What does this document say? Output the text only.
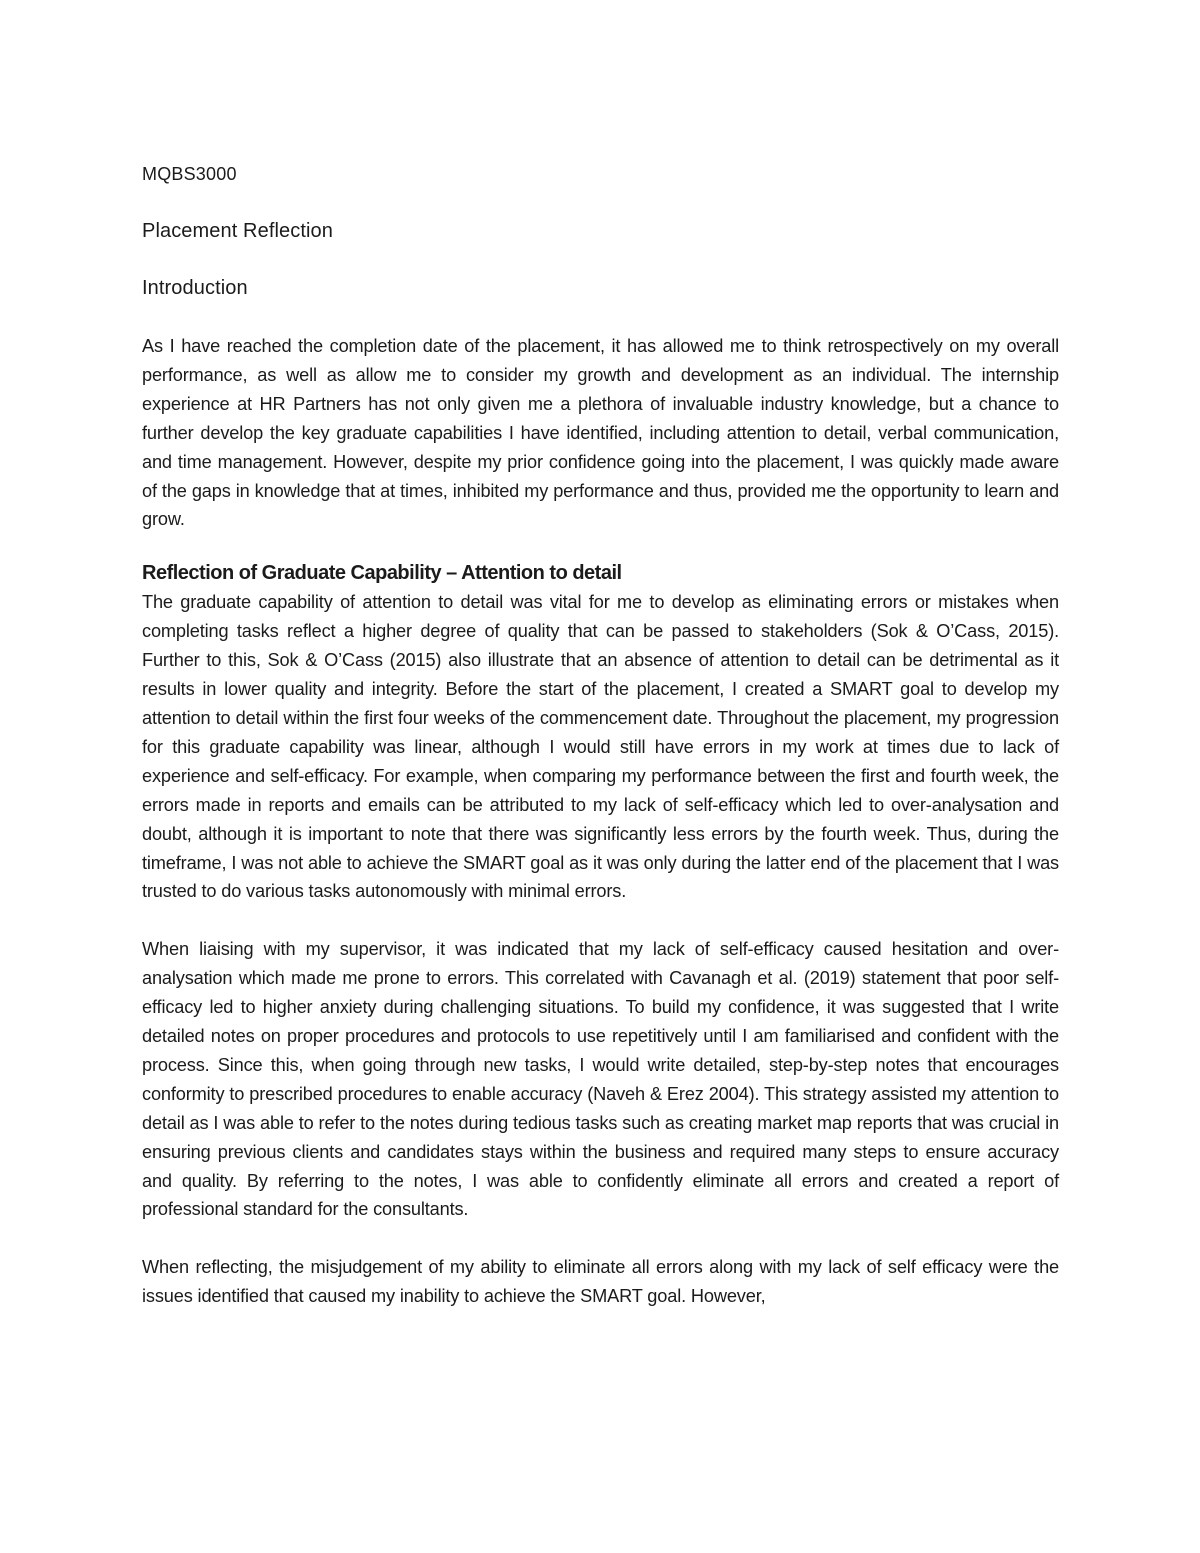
MQBS3000

Placement Reflection

Introduction

As I have reached the completion date of the placement, it has allowed me to think retrospectively on my overall performance, as well as allow me to consider my growth and development as an individual. The internship experience at HR Partners has not only given me a plethora of invaluable industry knowledge, but a chance to further develop the key graduate capabilities I have identified, including attention to detail, verbal communication, and time management. However, despite my prior confidence going into the placement, I was quickly made aware of the gaps in knowledge that at times, inhibited my performance and thus, provided me the opportunity to learn and grow.

Reflection of Graduate Capability – Attention to detail

The graduate capability of attention to detail was vital for me to develop as eliminating errors or mistakes when completing tasks reflect a higher degree of quality that can be passed to stakeholders (Sok & O’Cass, 2015). Further to this, Sok & O’Cass (2015) also illustrate that an absence of attention to detail can be detrimental as it results in lower quality and integrity. Before the start of the placement, I created a SMART goal to develop my attention to detail within the first four weeks of the commencement date. Throughout the placement, my progression for this graduate capability was linear, although I would still have errors in my work at times due to lack of experience and self-efficacy. For example, when comparing my performance between the first and fourth week, the errors made in reports and emails can be attributed to my lack of self-efficacy which led to over-analysation and doubt, although it is important to note that there was significantly less errors by the fourth week. Thus, during the timeframe, I was not able to achieve the SMART goal as it was only during the latter end of the placement that I was trusted to do various tasks autonomously with minimal errors.

When liaising with my supervisor, it was indicated that my lack of self-efficacy caused hesitation and over-analysation which made me prone to errors. This correlated with Cavanagh et al. (2019) statement that poor self-efficacy led to higher anxiety during challenging situations. To build my confidence, it was suggested that I write detailed notes on proper procedures and protocols to use repetitively until I am familiarised and confident with the process. Since this, when going through new tasks, I would write detailed, step-by-step notes that encourages conformity to prescribed procedures to enable accuracy (Naveh & Erez 2004). This strategy assisted my attention to detail as I was able to refer to the notes during tedious tasks such as creating market map reports that was crucial in ensuring previous clients and candidates stays within the business and required many steps to ensure accuracy and quality. By referring to the notes, I was able to confidently eliminate all errors and created a report of professional standard for the consultants.

When reflecting, the misjudgement of my ability to eliminate all errors along with my lack of self efficacy were the issues identified that caused my inability to achieve the SMART goal. However,
